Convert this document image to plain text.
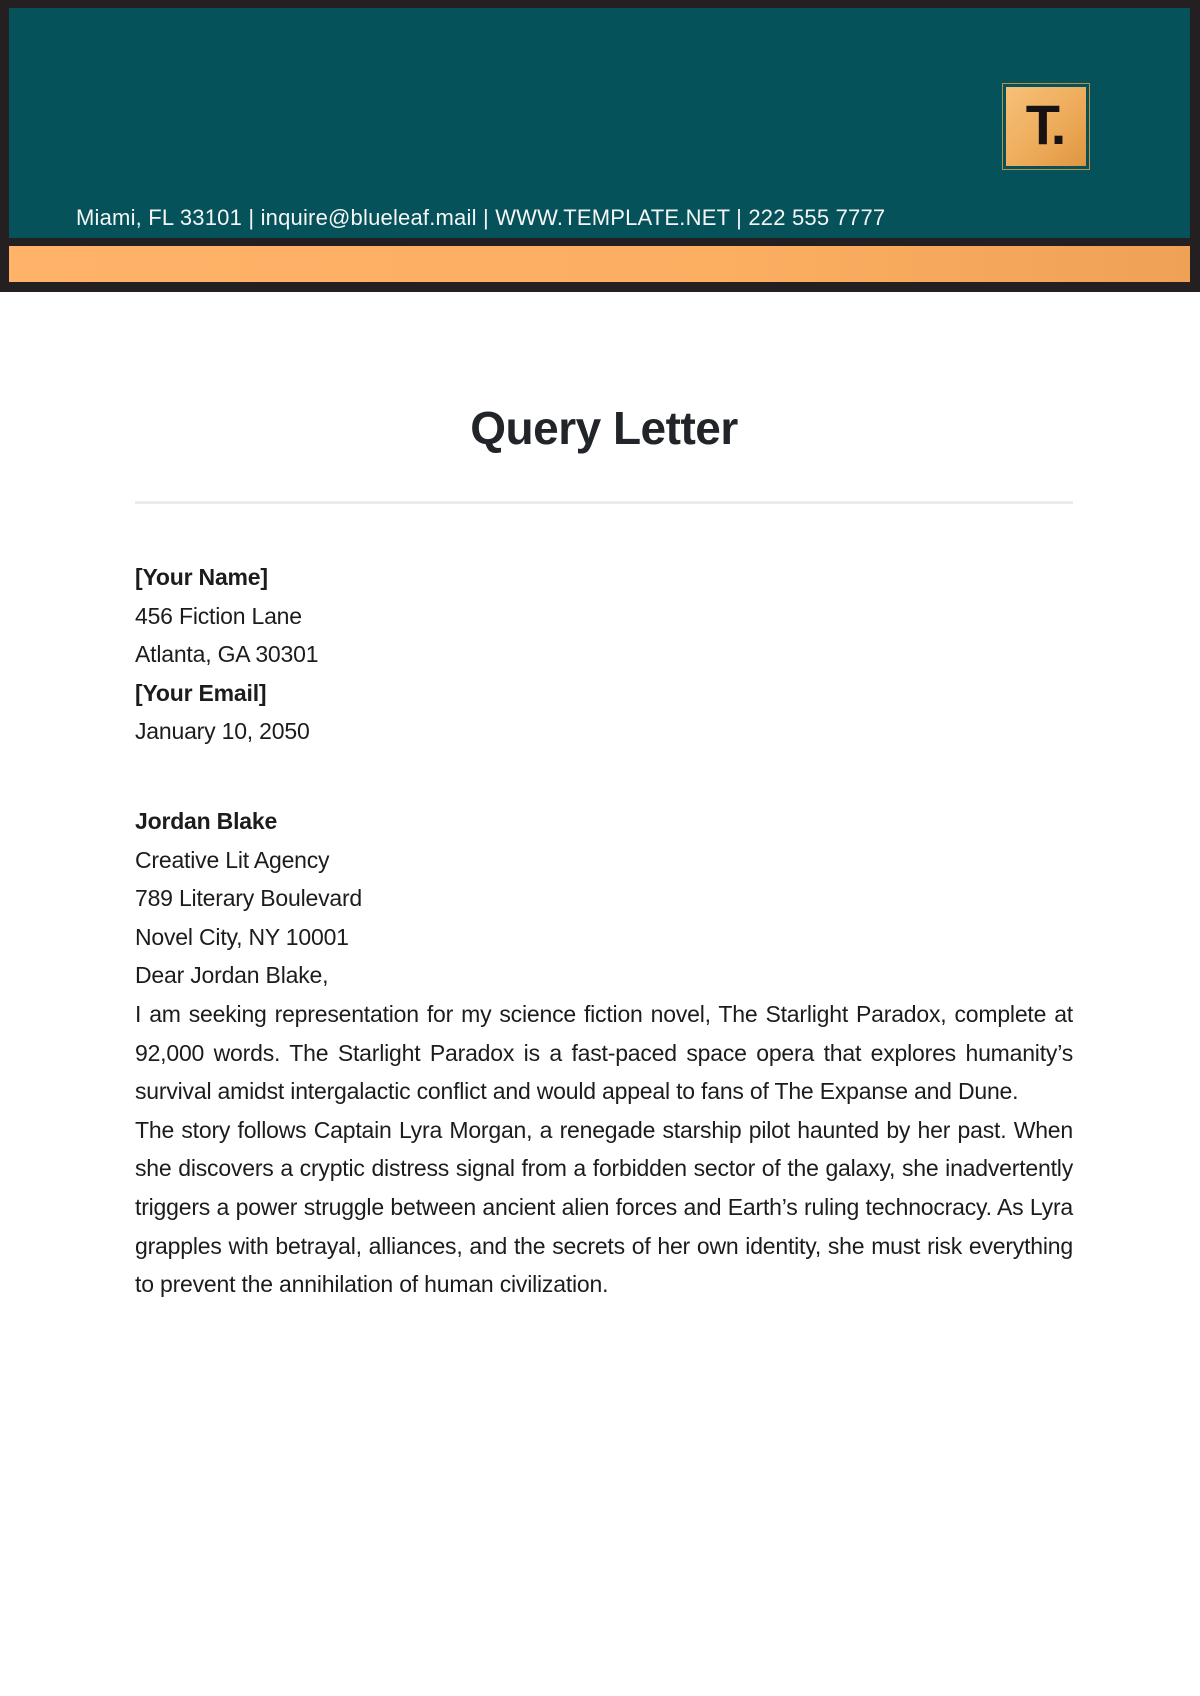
T.
Miami, FL 33101 | inquire@blueleaf.mail | WWW.TEMPLATE.NET | 222 555 7777
Query Letter

[Your Name]

456 Fiction Lane

Atlanta, GA 30301

[Your Email]

January 10, 2050

Jordan Blake

Creative Lit Agency

789 Literary Boulevard

Novel City, NY 10001

Dear Jordan Blake,

I am seeking representation for my science fiction novel, The Starlight Paradox, complete at 92,000 words. The Starlight Paradox is a fast-paced space opera that explores humanity’s survival amidst intergalactic conflict and would appeal to fans of The Expanse and Dune.

The story follows Captain Lyra Morgan, a renegade starship pilot haunted by her past. When she discovers a cryptic distress signal from a forbidden sector of the galaxy, she inadvertently triggers a power struggle between ancient alien forces and Earth’s ruling technocracy. As Lyra grapples with betrayal, alliances, and the secrets of her own identity, she must risk everything to prevent the annihilation of human civilization.
